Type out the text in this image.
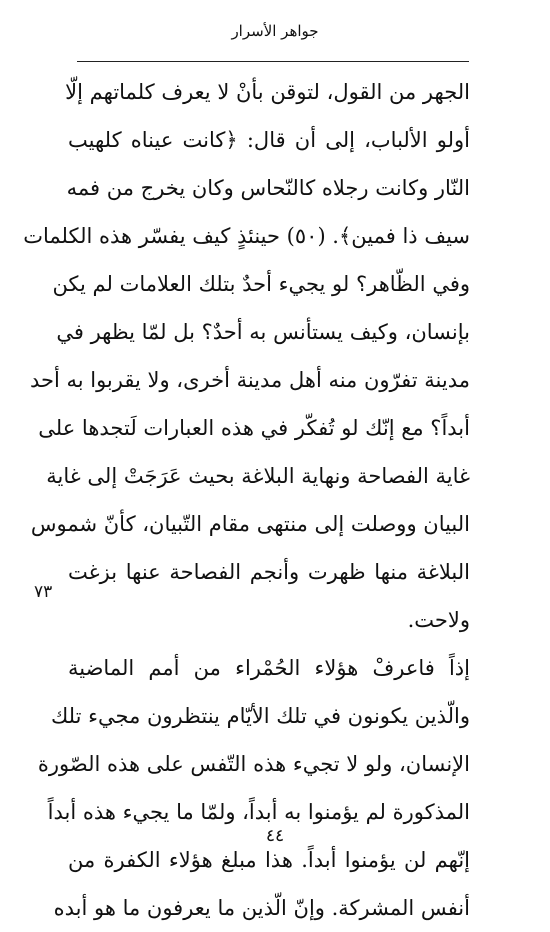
جواهر الأسرار
الجهر من القول، لتوقن بأنْ لا يعرف كلماتهم إلّا
أولو الألباب، إلى أن قال: ﴿كانت عيناه كلهيب
النّار وكانت رجلاه كالنّحاس وكان يخرج من فمه
سيف ذا فمين﴾. (٥٠) حينئذٍ كيف يفسّر هذه الكلمات
وفي الظّاهر؟ لو يجيء أحدٌ بتلك العلامات لم يكن
بإنسان، وكيف يستأنس به أحدٌ؟ بل لمّا يظهر في
مدينة تفرّون منه أهل مدينة أخرى، ولا يقربوا به أحد
أبداً؟ مع إنّك لو تُفكّر في هذه العبارات لَتجدها على
غاية الفصاحة ونهاية البلاغة بحيث عَرَجَتْ إلى غاية
البيان ووصلت إلى منتهى مقام التّبيان، كأنّ شموس
البلاغة منها ظهرت وأنجم الفصاحة عنها بزغت
ولاحت.
إذاً فاعرفْ هؤلاء الحُمْراء من أمم الماضية
والّذين يكونون في تلك الأيّام ينتظرون مجيء تلك
الإنسان، ولو لا تجيء هذه التّفس على هذه الصّورة
المذكورة لم يؤمنوا به أبداً، ولمّا ما يجيء هذه أبداً
إنّهم لن يؤمنوا أبداً. هذا مبلغ هؤلاء الكفرة من
أنفس المشركة. وإنّ الّذين ما يعرفون ما هو أبده
٧٣
٤٤
